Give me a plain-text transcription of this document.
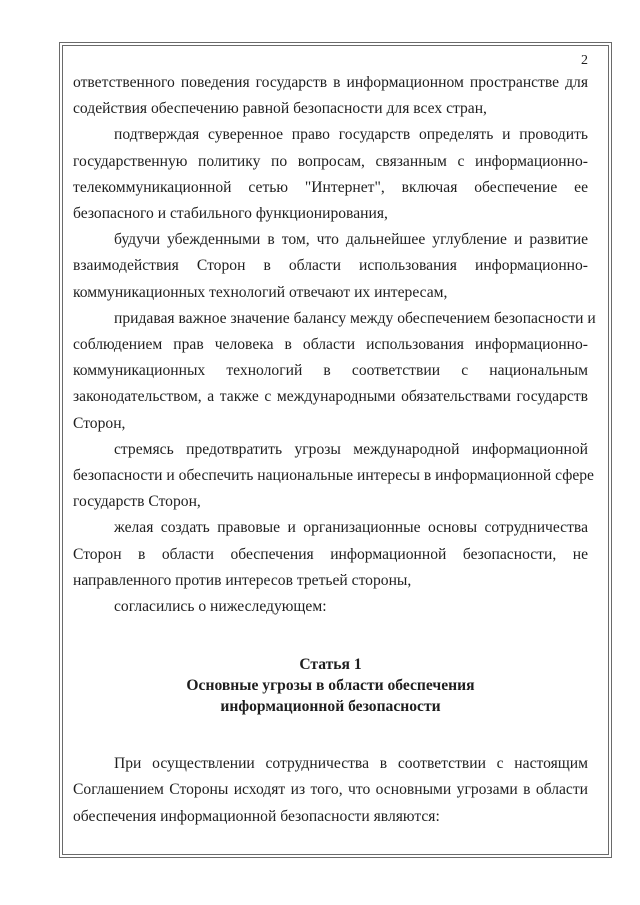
2

ответственного поведения государств в информационном пространстве для
содействия обеспечению равной безопасности для всех стран,

подтверждая суверенное право государств определять и проводить
государственную политику по вопросам, связанным с информационно-
телекоммуникационной сетью "Интернет", включая обеспечение ее
безопасного и стабильного функционирования,

будучи убежденными в том, что дальнейшее углубление и развитие
взаимодействия Сторон в области использования информационно-
коммуникационных технологий отвечают их интересам,

придавая важное значение балансу между обеспечением безопасности и
соблюдением прав человека в области использования информационно-
коммуникационных технологий в соответствии с национальным
законодательством, а также с международными обязательствами государств
Сторон,

стремясь предотвратить угрозы международной информационной
безопасности и обеспечить национальные интересы в информационной сфере
государств Сторон,

желая создать правовые и организационные основы сотрудничества
Сторон в области обеспечения информационной безопасности, не
направленного против интересов третьей стороны,

согласились о нижеследующем:

Статья 1
Основные угрозы в области обеспечения
информационной безопасности

При осуществлении сотрудничества в соответствии с настоящим
Соглашением Стороны исходят из того, что основными угрозами в области
обеспечения информационной безопасности являются:
